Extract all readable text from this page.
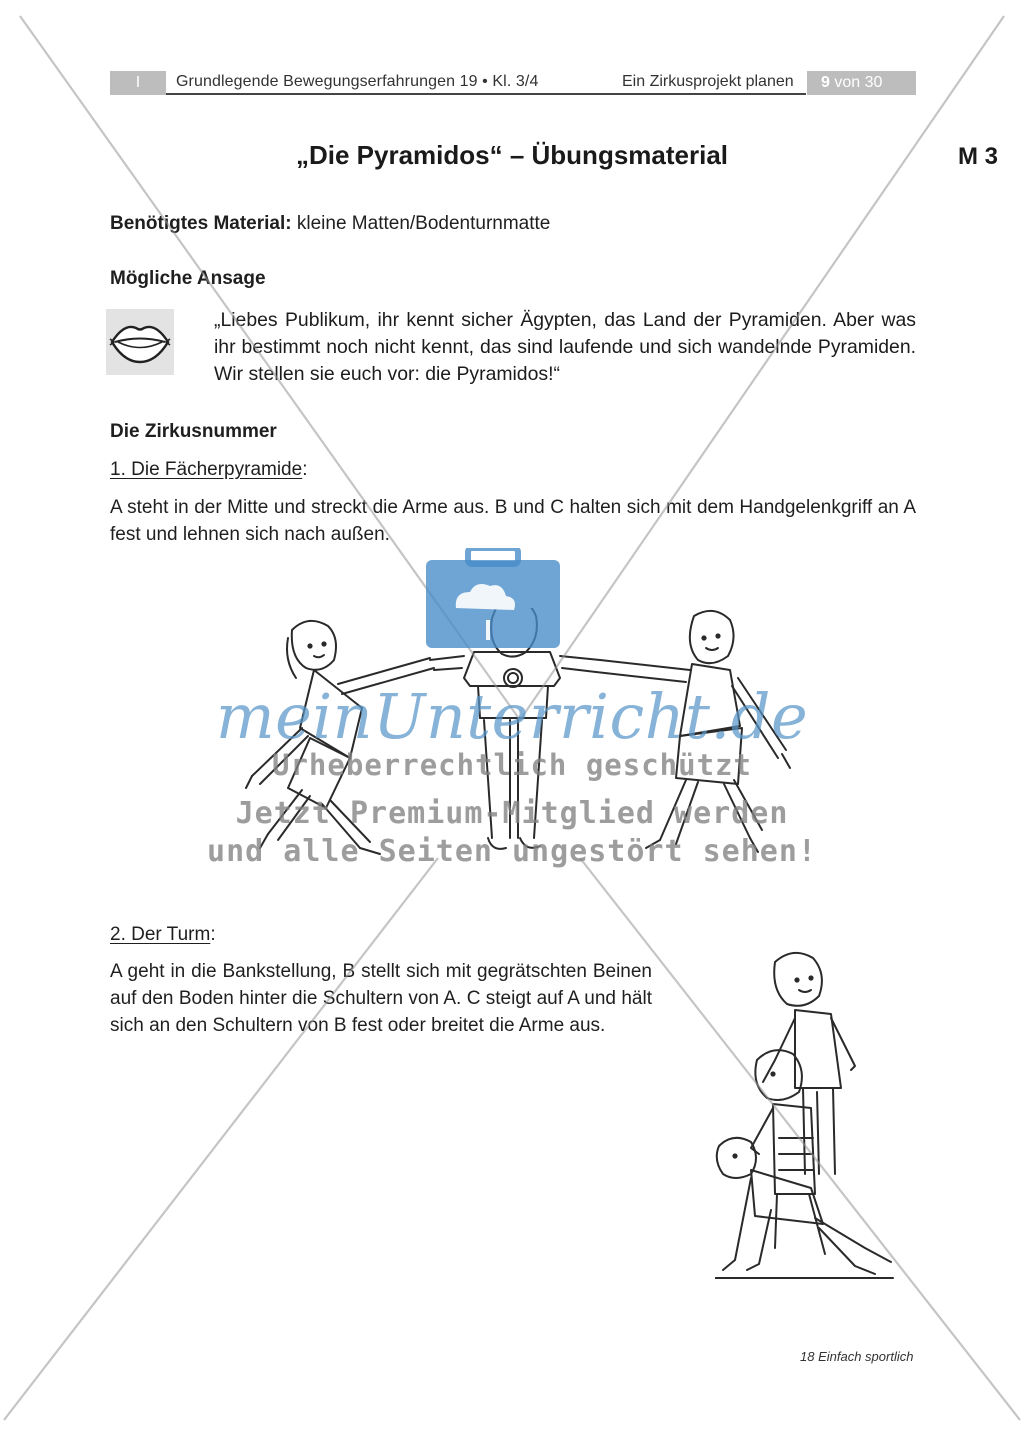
I	Grundlegende Bewegungserfahrungen 19 • Kl. 3/4	Ein Zirkusprojekt planen	9 von 30
M 3
„Die Pyramidos“ – Übungsmaterial
Benötigtes Material: kleine Matten/Bodenturnmatte
Mögliche Ansage
„Liebes Publikum, ihr kennt sicher Ägypten, das Land der Pyramiden. Aber was ihr bestimmt noch nicht kennt, das sind laufende und sich wandelnde Pyramiden. Wir stellen sie euch vor: die Pyramidos!“
Die Zirkusnummer
1. Die Fächerpyramide:
A steht in der Mitte und streckt die Arme aus. B und C halten sich mit dem Handgelenkgriff an A fest und lehnen sich nach außen.
2. Der Turm:
A geht in die Bankstellung, B stellt sich mit gegrätschten Beinen auf den Boden hinter die Schultern von A. C steigt auf A und hält sich an den Schultern von B fest oder breitet die Arme aus.
meinUnterricht.de
Urheberrechtlich geschützt
Jetzt Premium-Mitglied werden
und alle Seiten ungestört sehen!
18 Einfach sportlich
